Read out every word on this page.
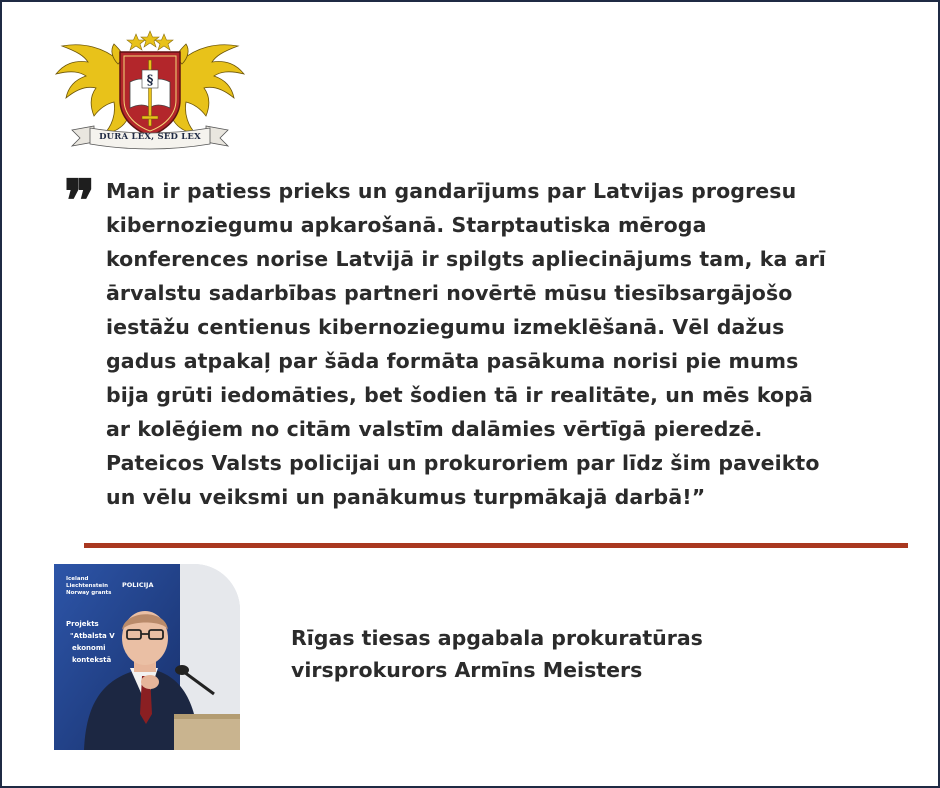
§
DURA LEX, SED LEX
❞ Man ir patiess prieks un gandarījums par Latvijas progresu
kibernoziegumu apkarošanā. Starptautiska mēroga
konferences norise Latvijā ir spilgts apliecinājums tam, ka arī
ārvalstu sadarbības partneri novērtē mūsu tiesībsargājošo
iestāžu centienus kibernoziegumu izmeklēšanā. Vēl dažus
gadus atpakaļ par šāda formāta pasākuma norisi pie mums
bija grūti iedomāties, bet šodien tā ir realitāte, un mēs kopā
ar kolēģiem no citām valstīm dalāmies vērtīgā pieredzē.
Pateicos Valsts policijai un prokuroriem par līdz šim paveikto
un vēlu veiksmi un panākumus turpmākajā darbā!”
Iceland
Liechtenstein
Norway grants
POLICIJA
Projekts
"Atbalsta V
ekonomi
kontekstā
Rīgas tiesas apgabala prokuratūras
virsprokurors Armīns Meisters
